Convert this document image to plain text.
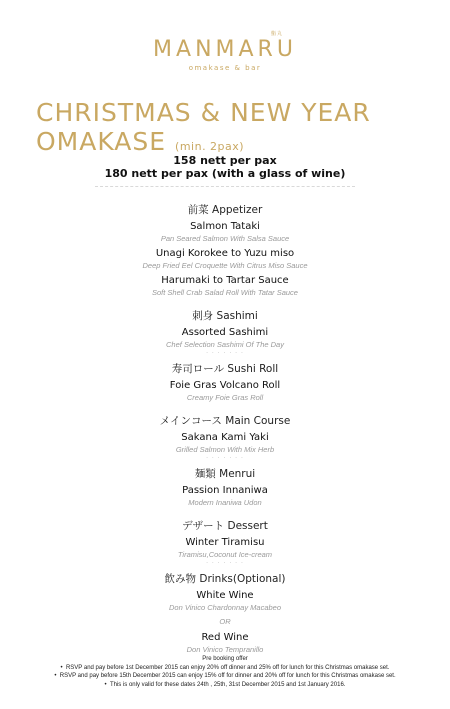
鮨丸
MANMARU
omakase & bar
CHRISTMAS & NEW YEAR
OMAKASE (min. 2pax)
158 nett per pax
180 nett per pax (with a glass of wine)
前菜 Appetizer
Salmon Tataki
Pan Seared Salmon With Salsa Sauce
Unagi Korokee to Yuzu miso
Deep Fried Eel Croquette With Citrus Miso Sauce
Harumaki to Tartar Sauce
Soft Shell Crab Salad Roll With Tatar Sauce
刺身 Sashimi
Assorted Sashimi
Chef Selection Sashimi Of The Day
· · · · · · ·
寿司ロール Sushi Roll
Foie Gras Volcano Roll
Creamy Foie Gras Roll
メインコース Main Course
Sakana Kami Yaki
Grilled Salmon With Mix Herb
· · · · · · ·
麺類 Menrui
Passion Innaniwa
Modern Inaniwa Udon
デザート Dessert
Winter Tiramisu
Tiramisu,Coconut Ice-cream
· · · · · · ·
飲み物 Drinks(Optional)
White Wine
Don Vinico Chardonnay Macabeo
OR
Red Wine
Don Vinico Tempranillo
Pre booking offer
•  RSVP and pay before 1st December 2015 can enjoy 20% off dinner and 25% off for lunch for this Christmas omakase set.
•  RSVP and pay before 15th December 2015 can enjoy 15% off for dinner and 20% off for lunch for this Christmas omakase set.
•  This is only valid for these dates 24th , 25th, 31st December 2015 and 1st January 2016.
